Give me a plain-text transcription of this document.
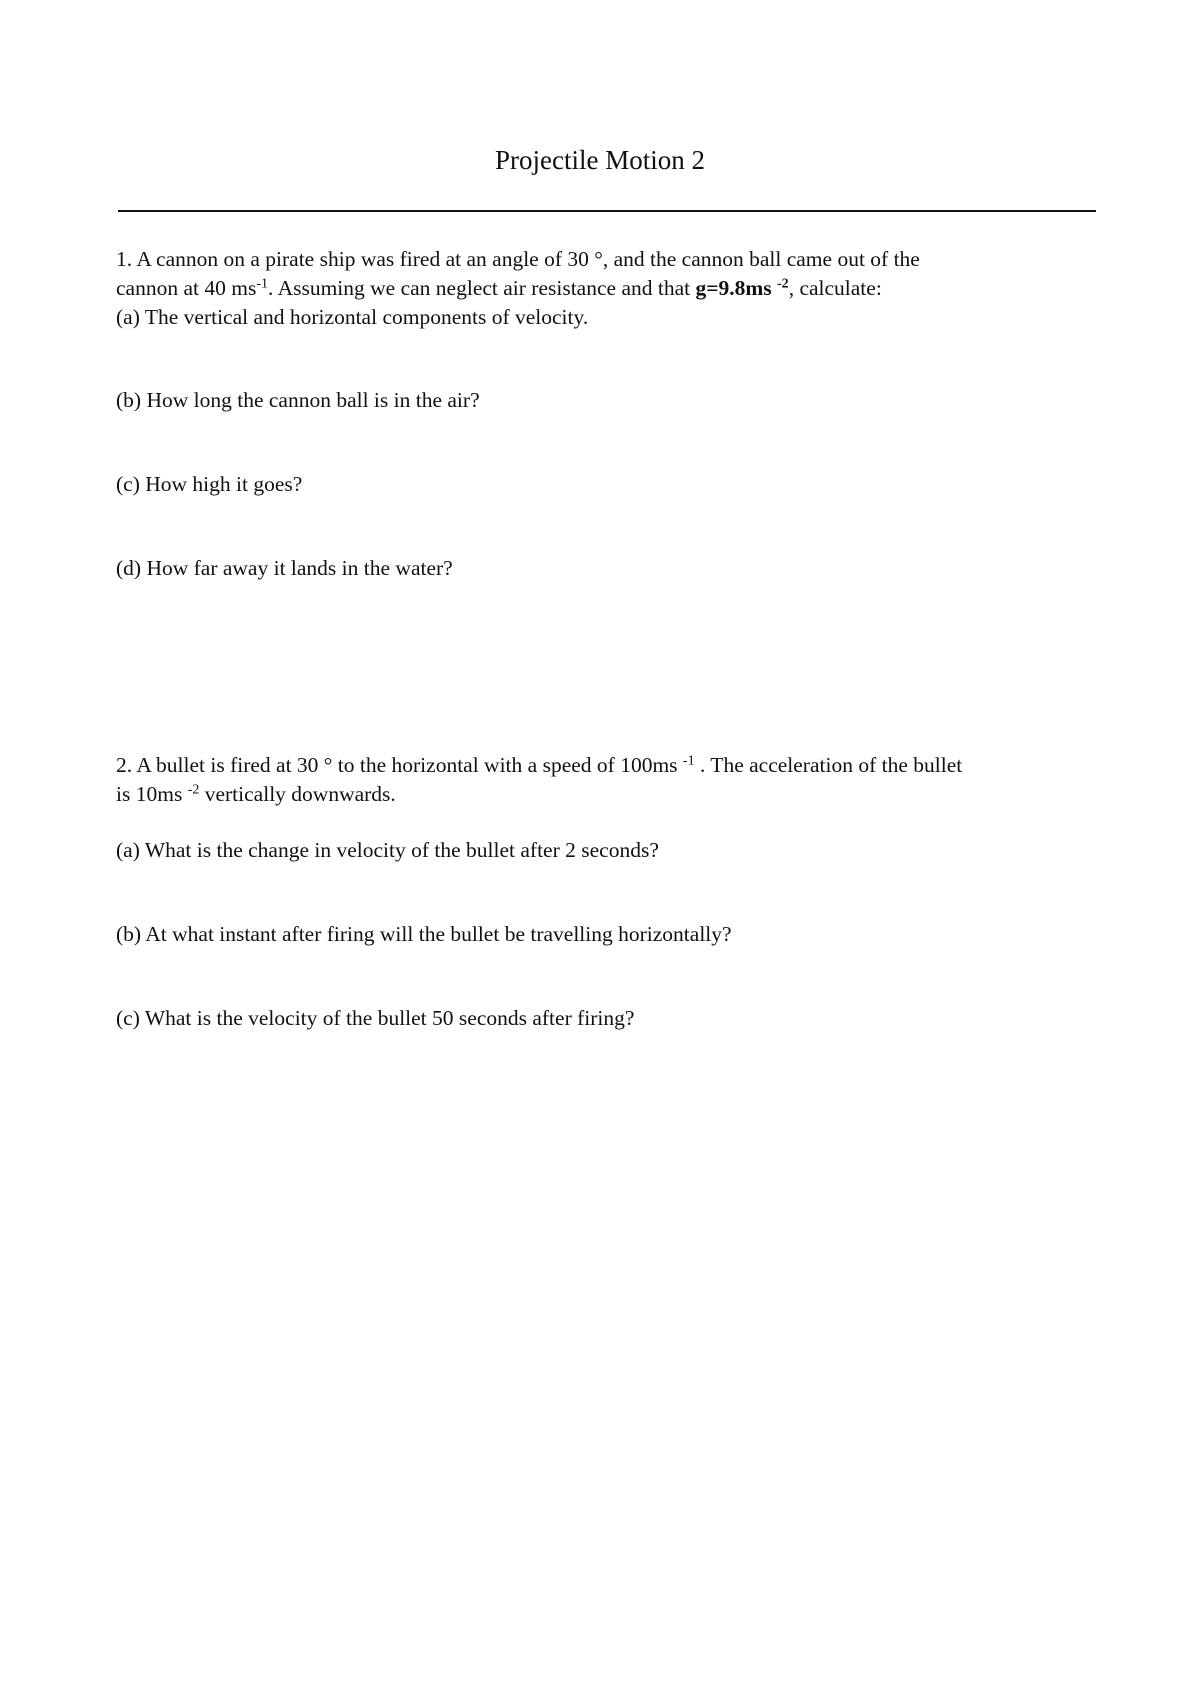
Projectile Motion 2
1. A cannon on a pirate ship was fired at an angle of 30 °, and the cannon ball came out of the
cannon at 40 $ms^{-1}$. Assuming we can neglect air resistance and that g=9.8ms $^{-2}$, calculate:
(a) The vertical and horizontal components of velocity.
(b) How long the cannon ball is in the air?
(c) How high it goes?
(d) How far away it lands in the water?
2. A bullet is fired at 30 ° to the horizontal with a speed of 100ms $^{-1}$ . The acceleration of the bullet
is 10ms $^{-2}$ vertically downwards.
(a) What is the change in velocity of the bullet after 2 seconds?
(b) At what instant after firing will the bullet be travelling horizontally?
(c) What is the velocity of the bullet 50 seconds after firing?
